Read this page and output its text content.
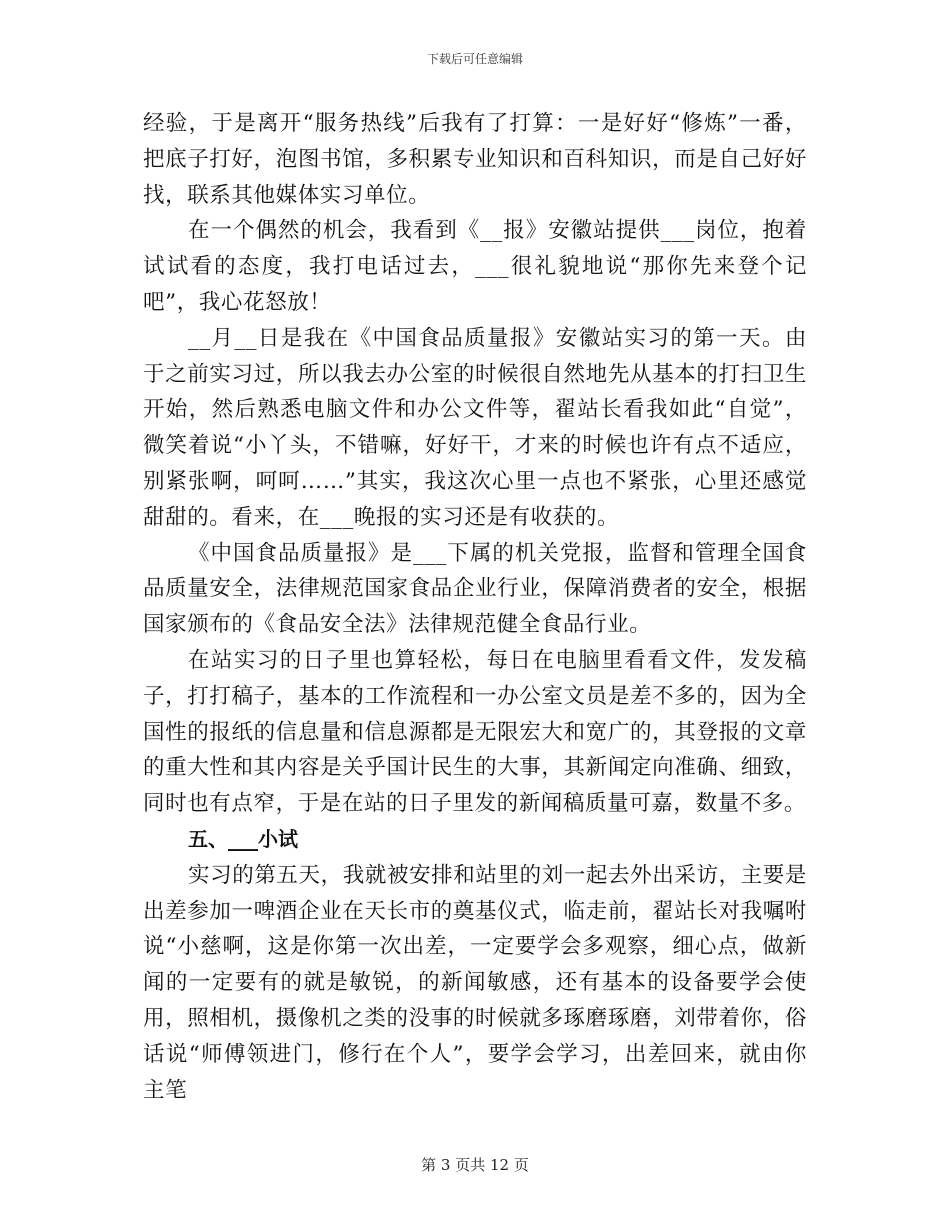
下载后可任意编辑

经验，于是离开“服务热线”后我有了打算：一是好好“修炼”一番，把底子打好，泡图书馆，多积累专业知识和百科知识，而是自己好好找，联系其他媒体实习单位。

在一个偶然的机会，我看到《__报》安徽站提供___岗位，抱着试试看的态度，我打电话过去，___很礼貌地说“那你先来登个记吧”，我心花怒放！

__月__日是我在《中国食品质量报》安徽站实习的第一天。由于之前实习过，所以我去办公室的时候很自然地先从基本的打扫卫生开始，然后熟悉电脑文件和办公文件等，翟站长看我如此“自觉”，微笑着说“小丫头，不错嘛，好好干，才来的时候也许有点不适应，别紧张啊，呵呵……”其实，我这次心里一点也不紧张，心里还感觉甜甜的。看来，在___晚报的实习还是有收获的。

《中国食品质量报》是___下属的机关党报，监督和管理全国食品质量安全，法律规范国家食品企业行业，保障消费者的安全，根据国家颁布的《食品安全法》法律规范健全食品行业。

在站实习的日子里也算轻松，每日在电脑里看看文件，发发稿子，打打稿子，基本的工作流程和一办公室文员是差不多的，因为全国性的报纸的信息量和信息源都是无限宏大和宽广的，其登报的文章的重大性和其内容是关乎国计民生的大事，其新闻定向准确、细致，同时也有点窄，于是在站的日子里发的新闻稿质量可嘉，数量不多。

五、___小试

实习的第五天，我就被安排和站里的刘一起去外出采访，主要是出差参加一啤酒企业在天长市的奠基仪式，临走前，翟站长对我嘱咐说“小慈啊，这是你第一次出差，一定要学会多观察，细心点，做新闻的一定要有的就是敏锐，的新闻敏感，还有基本的设备要学会使用，照相机，摄像机之类的没事的时候就多琢磨琢磨，刘带着你，俗话说“师傅领进门，修行在个人”，要学会学习，出差回来，就由你主笔

第 3 页共 12 页
